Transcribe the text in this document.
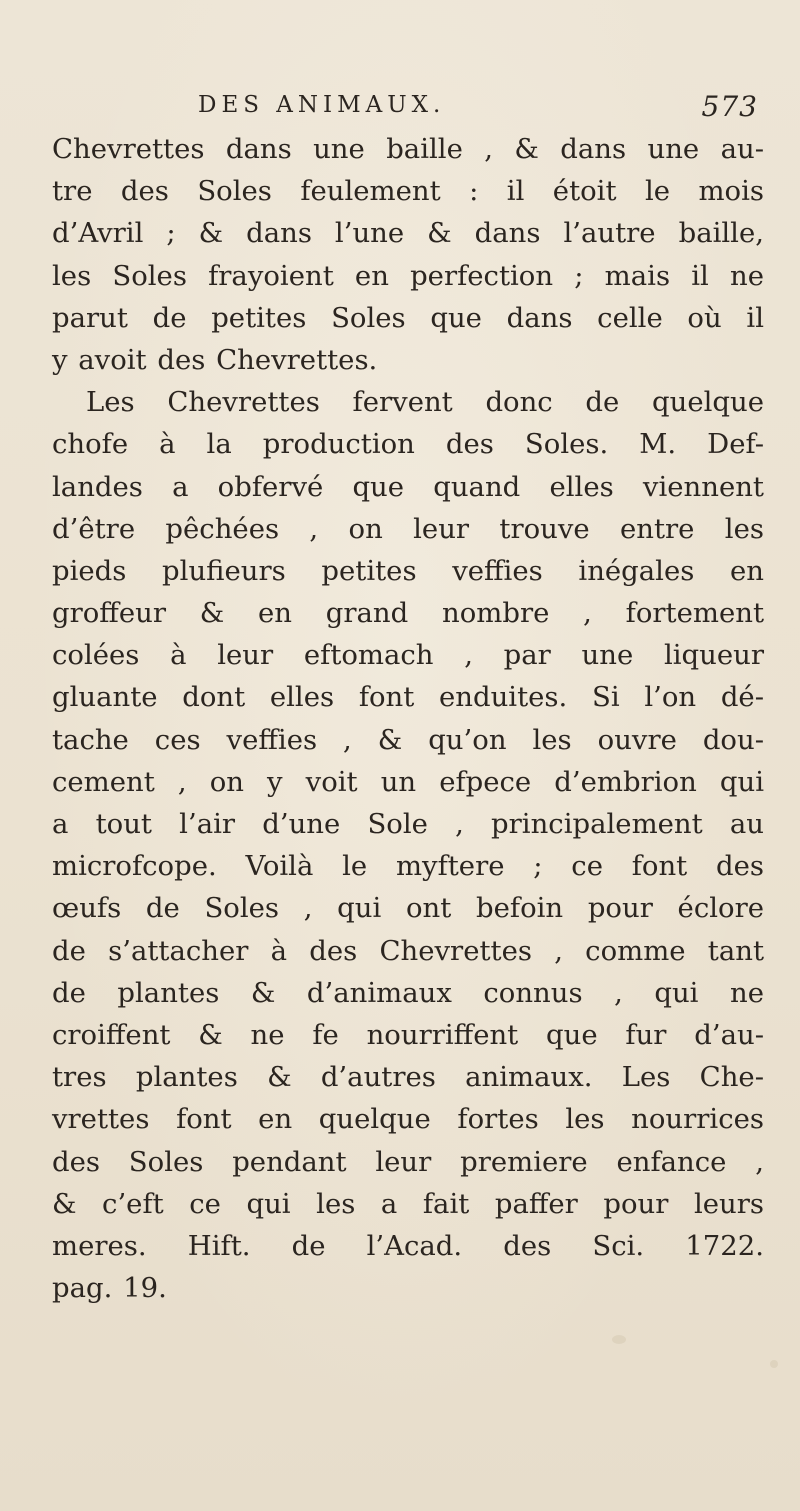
DES ANIMAUX.	573
Chevrettes dans une baille , & dans une au-
tre des Soles feulement : il étoit le mois
d’Avril ; & dans l’une & dans l’autre baille,
les Soles frayoient en perfection ; mais il ne
parut de petites Soles que dans celle où il
y avoit des Chevrettes.
Les Chevrettes fervent donc de quelque
chofe à la production des Soles. M. Def-
landes a obfervé que quand elles viennent
d’être pêchées , on leur trouve entre les
pieds plufieurs petites veffies inégales en
groffeur & en grand nombre , fortement
colées à leur eftomach , par une liqueur
gluante dont elles font enduites. Si l’on dé-
tache ces veffies , & qu’on les ouvre dou-
cement , on y voit un efpece d’embrion qui
a tout l’air d’une Sole , principalement au
microfcope. Voilà le myftere ; ce font des
œufs de Soles , qui ont befoin pour éclore
de s’attacher à des Chevrettes , comme tant
de plantes & d’animaux connus , qui ne
croiffent & ne fe nourriffent que fur d’au-
tres plantes & d’autres animaux. Les Che-
vrettes font en quelque fortes les nourrices
des Soles pendant leur premiere enfance ,
& c’eft ce qui les a fait paffer pour leurs
meres. Hift. de l’Acad. des Sci. 1722.
pag. 19.
